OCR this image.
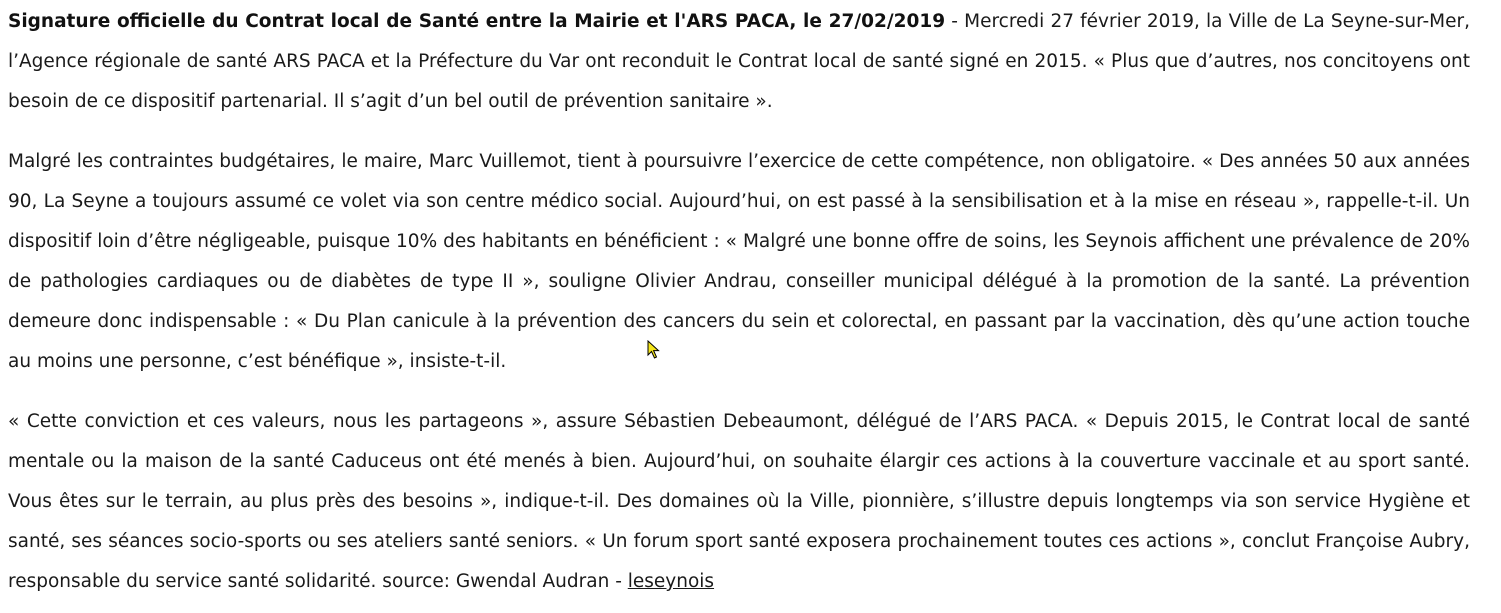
Signature officielle du Contrat local de Santé entre la Mairie et l'ARS PACA, le 27/02/2019 - Mercredi 27 février 2019, la Ville de La Seyne-sur-Mer, l’Agence régionale de santé ARS PACA et la Préfecture du Var ont reconduit le Contrat local de santé signé en 2015. « Plus que d’autres, nos concitoyens ont besoin de ce dispositif partenarial. Il s’agit d’un bel outil de prévention sanitaire ».

Malgré les contraintes budgétaires, le maire, Marc Vuillemot, tient à poursuivre l’exercice de cette compétence, non obligatoire. « Des années 50 aux années 90, La Seyne a toujours assumé ce volet via son centre médico social. Aujourd’hui, on est passé à la sensibilisation et à la mise en réseau », rappelle-t-il. Un dispositif loin d’être négligeable, puisque 10% des habitants en bénéficient : « Malgré une bonne offre de soins, les Seynois affichent une prévalence de 20% de pathologies cardiaques ou de diabètes de type II », souligne Olivier Andrau, conseiller municipal délégué à la promotion de la santé. La prévention demeure donc indispensable : « Du Plan canicule à la prévention des cancers du sein et colorectal, en passant par la vaccination, dès qu’une action touche au moins une personne, c’est bénéfique », insiste-t-il.

« Cette conviction et ces valeurs, nous les partageons », assure Sébastien Debeaumont, délégué de l’ARS PACA. « Depuis 2015, le Contrat local de santé mentale ou la maison de la santé Caduceus ont été menés à bien. Aujourd’hui, on souhaite élargir ces actions à la couverture vaccinale et au sport santé. Vous êtes sur le terrain, au plus près des besoins », indique-t-il. Des domaines où la Ville, pionnière, s’illustre depuis longtemps via son service Hygiène et santé, ses séances socio-sports ou ses ateliers santé seniors. « Un forum sport santé exposera prochainement toutes ces actions », conclut Françoise Aubry, responsable du service santé solidarité. source: Gwendal Audran - leseynois
